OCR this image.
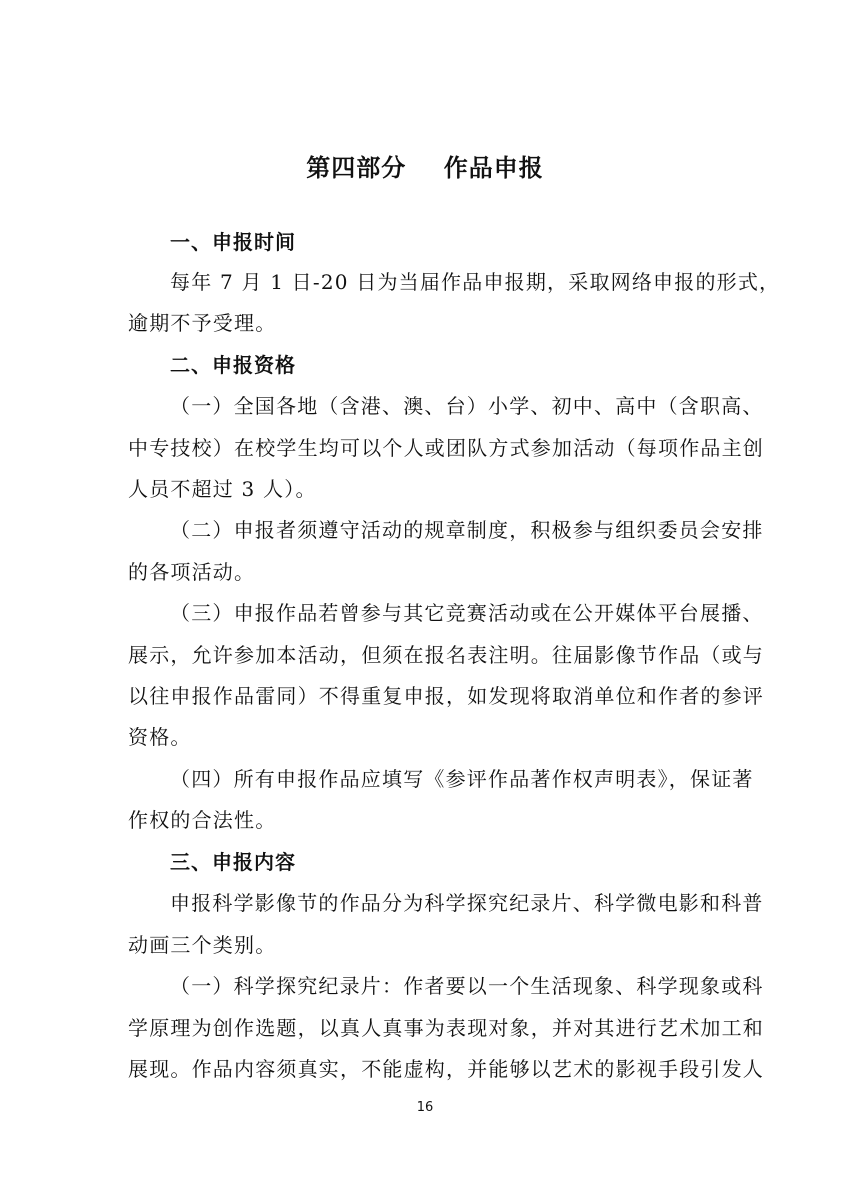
第四部分    作品申报
一、申报时间
每年 7 月 1 日-20 日为当届作品申报期，采取网络申报的形式，
逾期不予受理。
二、申报资格
（一）全国各地（含港、澳、台）小学、初中、高中（含职高、
中专技校）在校学生均可以个人或团队方式参加活动（每项作品主创
人员不超过 3 人）。
（二）申报者须遵守活动的规章制度，积极参与组织委员会安排
的各项活动。
（三）申报作品若曾参与其它竞赛活动或在公开媒体平台展播、
展示，允许参加本活动，但须在报名表注明。往届影像节作品（或与
以往申报作品雷同）不得重复申报，如发现将取消单位和作者的参评
资格。
（四）所有申报作品应填写《参评作品著作权声明表》，保证著
作权的合法性。
三、申报内容
申报科学影像节的作品分为科学探究纪录片、科学微电影和科普
动画三个类别。
（一）科学探究纪录片：作者要以一个生活现象、科学现象或科
学原理为创作选题，以真人真事为表现对象，并对其进行艺术加工和
展现。作品内容须真实，不能虚构，并能够以艺术的影视手段引发人
16
